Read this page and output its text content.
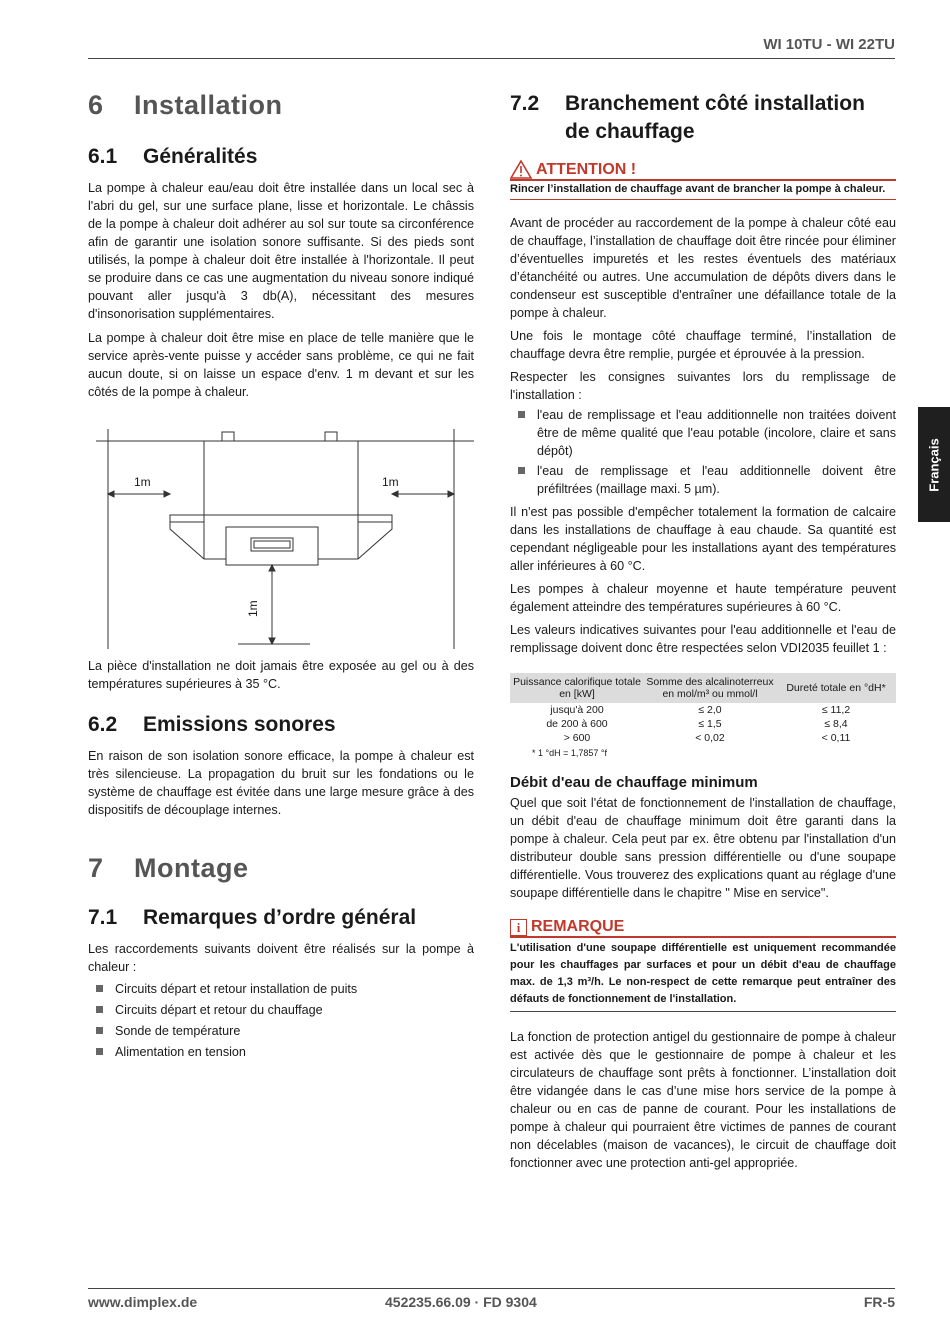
WI 10TU - WI 22TU
Français
6 Installation
6.1 Généralités

La pompe à chaleur eau/eau doit être installée dans un local sec à l'abri du gel, sur une surface plane, lisse et horizontale. Le châssis de la pompe à chaleur doit adhérer au sol sur toute sa circonférence afin de garantir une isolation sonore suffisante. Si des pieds sont utilisés, la pompe à chaleur doit être installée à l'horizontale. Il peut se produire dans ce cas une augmentation du niveau sonore indiqué pouvant aller jusqu'à 3 db(A), nécessitant des mesures d'insonorisation supplémentaires.

La pompe à chaleur doit être mise en place de telle manière que le service après-vente puisse y accéder sans problème, ce qui ne fait aucun doute, si on laisse un espace d'env. 1 m devant et sur les côtés de la pompe à chaleur.

1m	1m
1m

La pièce d'installation ne doit jamais être exposée au gel ou à des températures supérieures à 35 °C.

6.2 Emissions sonores

En raison de son isolation sonore efficace, la pompe à chaleur est très silencieuse. La propagation du bruit sur les fondations ou le système de chauffage est évitée dans une large mesure grâce à des dispositifs de découplage internes.

7 Montage
7.1 Remarques d’ordre général

Les raccordements suivants doivent être réalisés sur la pompe à chaleur :

Circuits départ et retour installation de puits
Circuits départ et retour du chauffage
Sonde de température
Alimentation en tension
7.2 Branchement côté installation de chauffage
ATTENTION !
Rincer l’installation de chauffage avant de brancher la pompe à chaleur.

Avant de procéder au raccordement de la pompe à chaleur côté eau de chauffage, l’installation de chauffage doit être rincée pour éliminer d’éventuelles impuretés et les restes éventuels des matériaux d’étanchéité ou autres. Une accumulation de dépôts divers dans le condenseur est susceptible d'entraîner une défaillance totale de la pompe à chaleur.

Une fois le montage côté chauffage terminé, l’installation de chauffage devra être remplie, purgée et éprouvée à la pression.

Respecter les consignes suivantes lors du remplissage de l'installation :

l'eau de remplissage et l'eau additionnelle non traitées doivent être de même qualité que l'eau potable (incolore, claire et sans dépôt)
l'eau de remplissage et l'eau additionnelle doivent être préfiltrées (maillage maxi. 5 µm).

Il n'est pas possible d'empêcher totalement la formation de calcaire dans les installations de chauffage à eau chaude. Sa quantité est cependant négligeable pour les installations ayant des températures aller inférieures à 60 °C.

Les pompes à chaleur moyenne et haute température peuvent également atteindre des températures supérieures à 60 °C.

Les valeurs indicatives suivantes pour l'eau additionnelle et l'eau de remplissage doivent donc être respectées selon VDI2035 feuillet 1 :

Puissance calorifique totale en [kW]	Somme des alcalinoterreux en mol/m³ ou mmol/l	Dureté totale en °dH*
jusqu'à 200	≤ 2,0	≤ 11,2
de 200 à 600	≤ 1,5	≤ 8,4
> 600	< 0,02	< 0,11
* 1 °dH = 1,7857 °f
Débit d'eau de chauffage minimum

Quel que soit l'état de fonctionnement de l'installation de chauffage, un débit d'eau de chauffage minimum doit être garanti dans la pompe à chaleur. Cela peut par ex. être obtenu par l'installation d'un distributeur double sans pression différentielle ou d'une soupape différentielle. Vous trouverez des explications quant au réglage d'une soupape différentielle dans le chapitre " Mise en service".

i REMARQUE
L'utilisation d'une soupape différentielle est uniquement recommandée pour les chauffages par surfaces et pour un débit d'eau de chauffage max. de 1,3 m³/h. Le non-respect de cette remarque peut entraîner des défauts de fonctionnement de l'installation.

La fonction de protection antigel du gestionnaire de pompe à chaleur est activée dès que le gestionnaire de pompe à chaleur et les circulateurs de chauffage sont prêts à fonctionner. L’installation doit être vidangée dans le cas d’une mise hors service de la pompe à chaleur ou en cas de panne de courant. Pour les installations de pompe à chaleur qui pourraient être victimes de pannes de courant non décelables (maison de vacances), le circuit de chauffage doit fonctionner avec une protection anti-gel appropriée.

www.dimplex.de	452235.66.09 · FD 9304	FR-5
